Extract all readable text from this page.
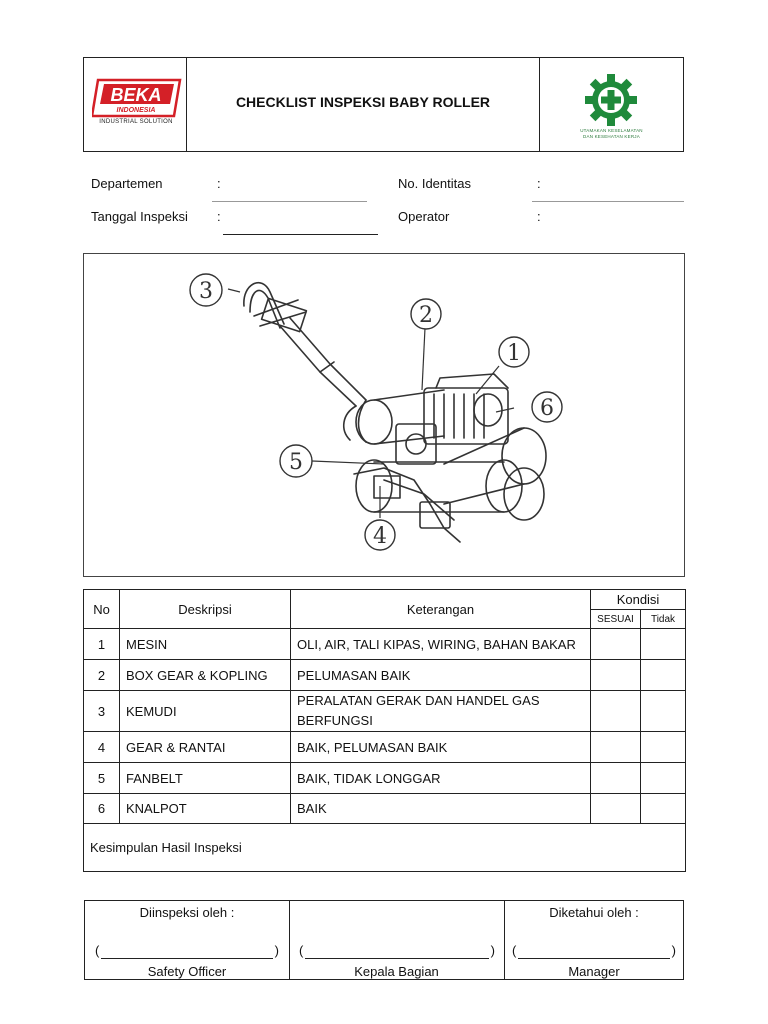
BEKA
INDONESIA
INDUSTRIAL SOLUTION
CHECKLIST INSPEKSI BABY ROLLER
UTAMAKAN KESELAMATAN
DAN KESEHATAN KERJA
Departemen	:
Tanggal Inspeksi :
No. Identitas	:
Operator	:
1
2
3
4
5
6
No	Deskripsi	Keterangan	Kondisi	
			SESUAI	Tidak
1	MESIN	OLI, AIR, TALI KIPAS, WIRING, BAHAN BAKAR		
2	BOX GEAR & KOPLING	PELUMASAN BAIK		
3	KEMUDI	PERALATAN GERAK DAN HANDEL GAS BERFUNGSI		
4	GEAR & RANTAI	BAIK, PELUMASAN BAIK		
5	FANBELT	BAIK, TIDAK LONGGAR		
6	KNALPOT	BAIK		
Kesimpulan Hasil Inspeksi				
Diinspeksi oleh :
(	)
Safety Officer
(	)
Kepala Bagian
Diketahui oleh :
(	)
Manager
